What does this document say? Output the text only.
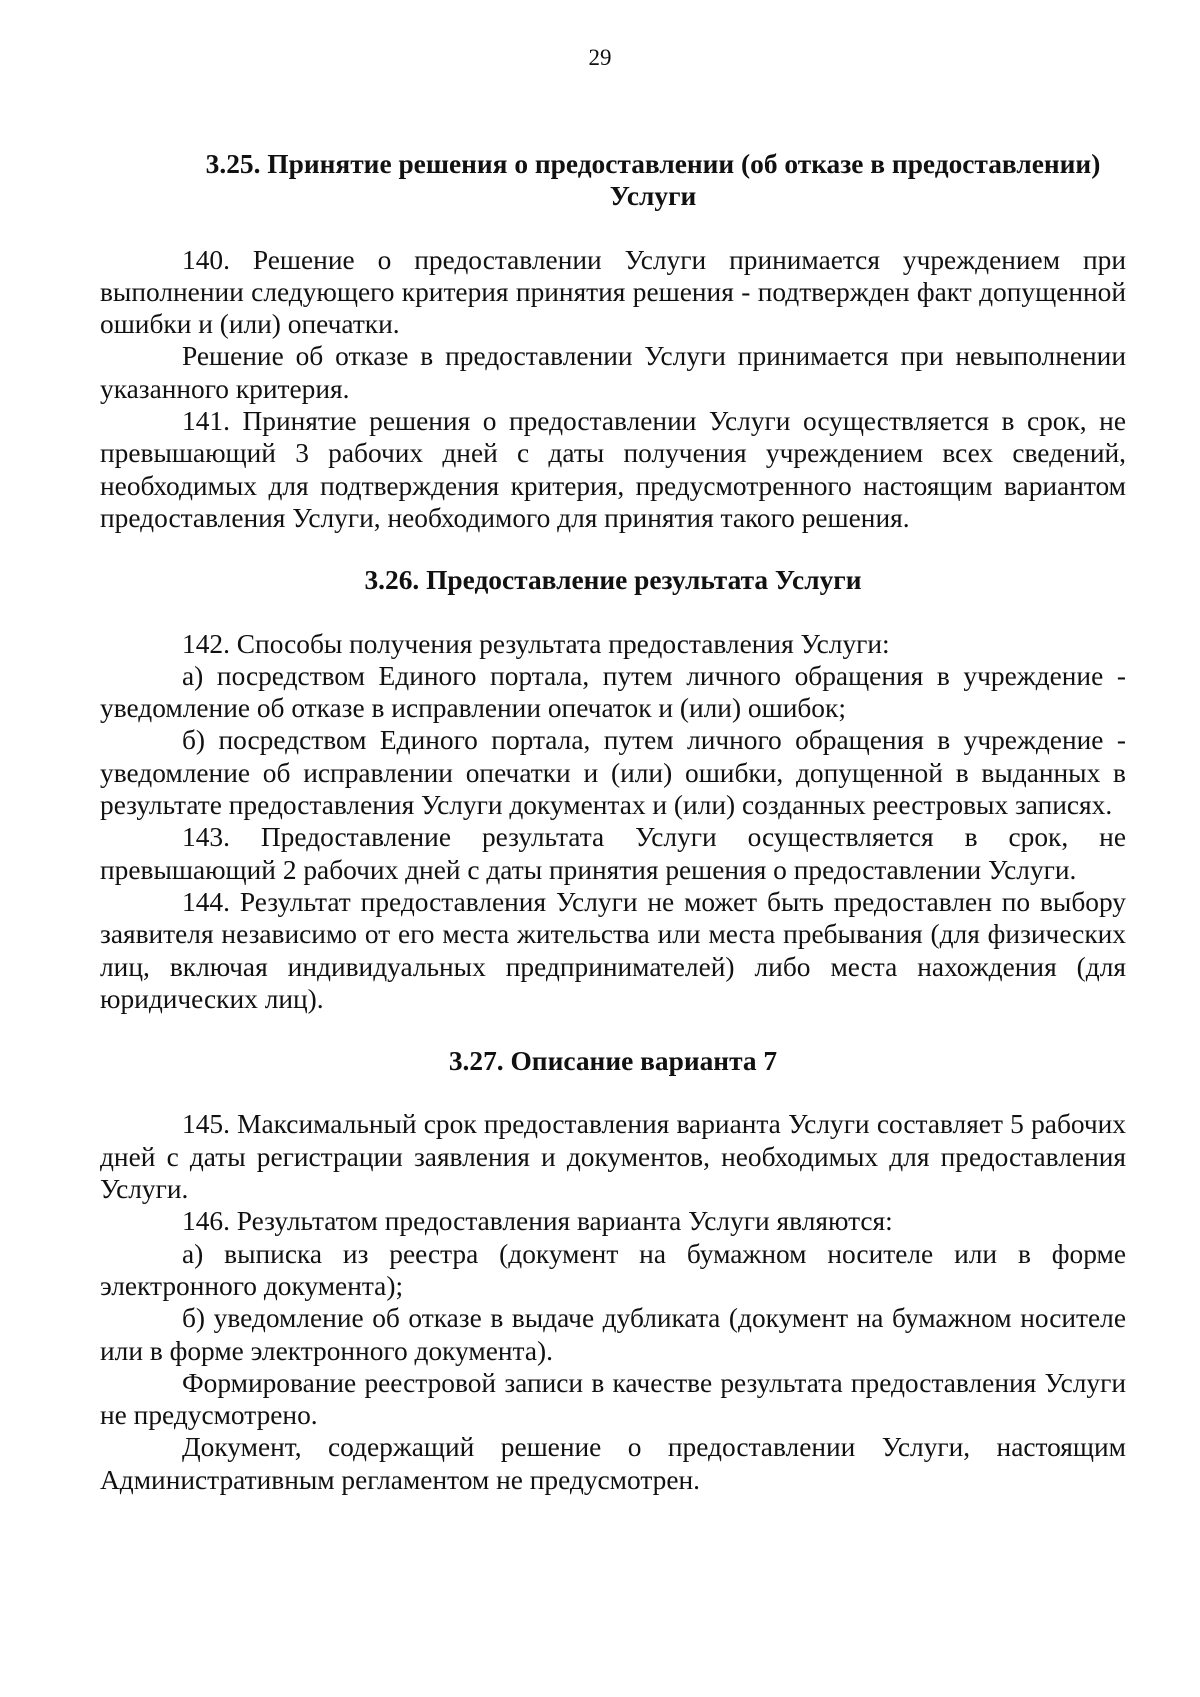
29
3.25. Принятие решения о предоставлении (об отказе в предоставлении)
Услуги

140. Решение о предоставлении Услуги принимается учреждением при выполнении следующего критерия принятия решения - подтвержден факт допущенной ошибки и (или) опечатки.

Решение об отказе в предоставлении Услуги принимается при невыполнении указанного критерия.

141. Принятие решения о предоставлении Услуги осуществляется в срок, не превышающий 3 рабочих дней с даты получения учреждением всех сведений, необходимых для подтверждения критерия, предусмотренного настоящим вариантом предоставления Услуги, необходимого для принятия такого решения.

3.26. Предоставление результата Услуги

142. Способы получения результата предоставления Услуги:

а) посредством Единого портала, путем личного обращения в учреждение - уведомление об отказе в исправлении опечаток и (или) ошибок;

б) посредством Единого портала, путем личного обращения в учреждение - уведомление об исправлении опечатки и (или) ошибки, допущенной в выданных в результате предоставления Услуги документах и (или) созданных реестровых записях.

143. Предоставление результата Услуги осуществляется в срок, не превышающий 2 рабочих дней с даты принятия решения о предоставлении Услуги.

144. Результат предоставления Услуги не может быть предоставлен по выбору заявителя независимо от его места жительства или места пребывания (для физических лиц, включая индивидуальных предпринимателей) либо места нахождения (для юридических лиц).

3.27. Описание варианта 7

145. Максимальный срок предоставления варианта Услуги составляет 5 рабочих дней с даты регистрации заявления и документов, необходимых для предоставления Услуги.

146. Результатом предоставления варианта Услуги являются:

а) выписка из реестра (документ на бумажном носителе или в форме электронного документа);

б) уведомление об отказе в выдаче дубликата (документ на бумажном носителе или в форме электронного документа).

Формирование реестровой записи в качестве результата предоставления Услуги не предусмотрено.

Документ, содержащий решение о предоставлении Услуги, настоящим Административным регламентом не предусмотрен.
